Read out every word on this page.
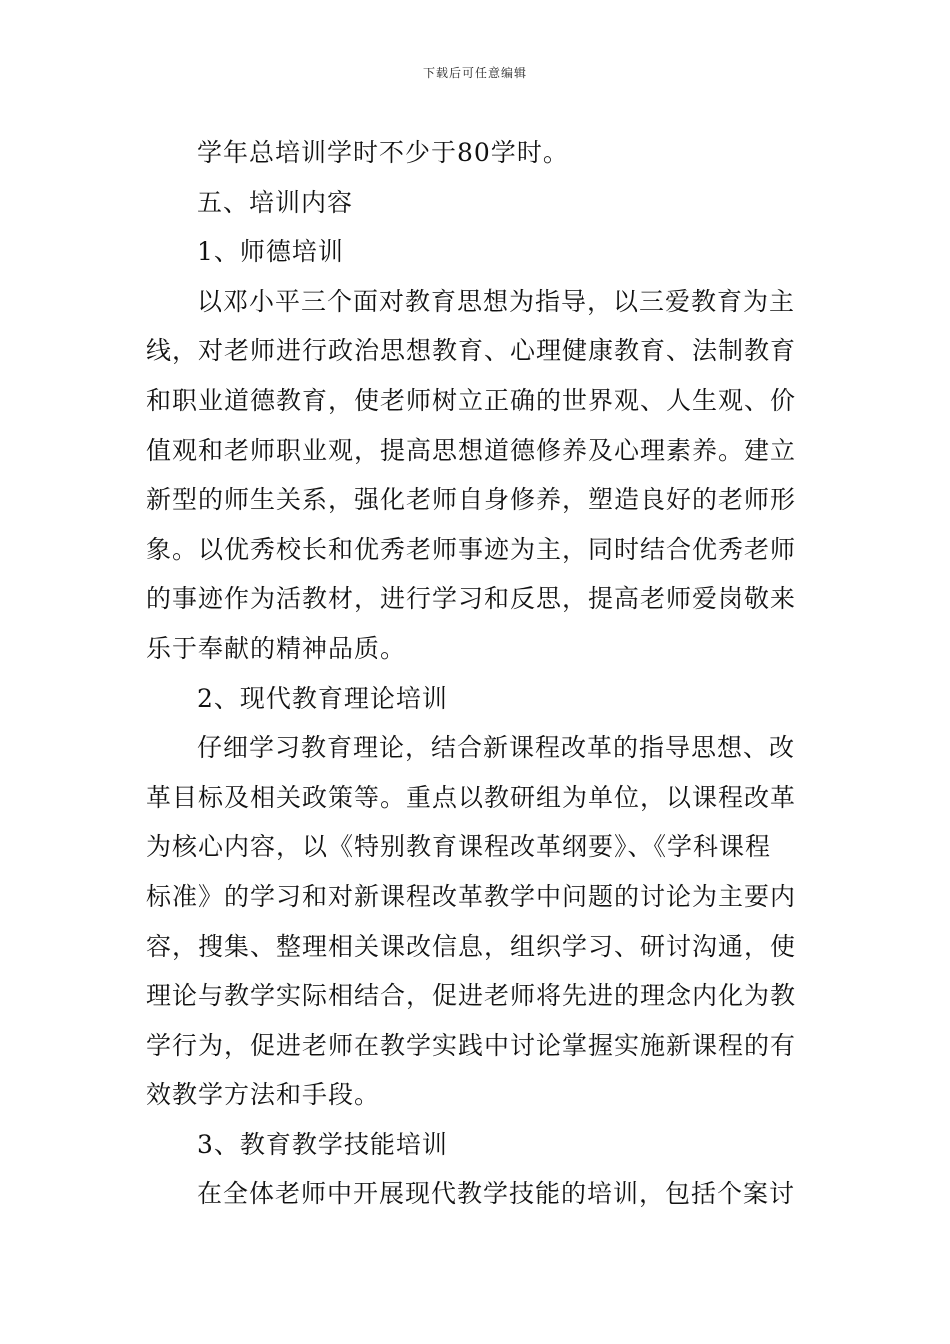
下载后可任意编辑
学年总培训学时不少于80学时。
五、培训内容
1、师德培训
以邓小平三个面对教育思想为指导，以三爱教育为主
线，对老师进行政治思想教育、心理健康教育、法制教育
和职业道德教育，使老师树立正确的世界观、人生观、价
值观和老师职业观，提高思想道德修养及心理素养。建立
新型的师生关系，强化老师自身修养，塑造良好的老师形
象。以优秀校长和优秀老师事迹为主，同时结合优秀老师
的事迹作为活教材，进行学习和反思，提高老师爱岗敬来
乐于奉献的精神品质。
2、现代教育理论培训
仔细学习教育理论，结合新课程改革的指导思想、改
革目标及相关政策等。重点以教研组为单位，以课程改革
为核心内容，以《特别教育课程改革纲要》、《学科课程
标准》的学习和对新课程改革教学中问题的讨论为主要内
容，搜集、整理相关课改信息，组织学习、研讨沟通，使
理论与教学实际相结合，促进老师将先进的理念内化为教
学行为，促进老师在教学实践中讨论掌握实施新课程的有
效教学方法和手段。
3、教育教学技能培训
在全体老师中开展现代教学技能的培训，包括个案讨
